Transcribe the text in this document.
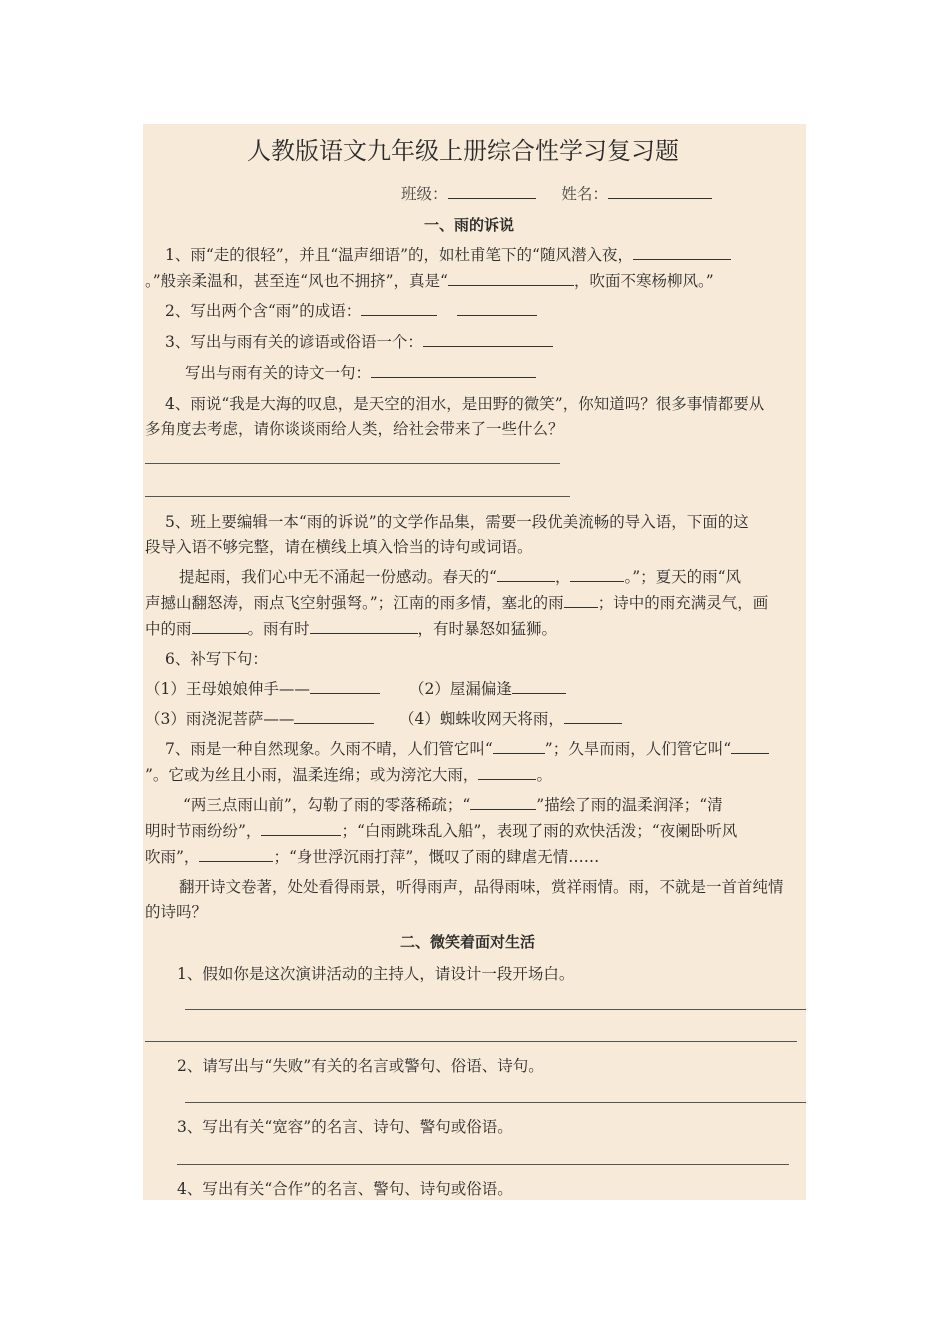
人教版语文九年级上册综合性学习复习题
班级：	姓名：
一、雨的诉说
1、雨“走的很轻”，并且“温声细语”的，如杜甫笔下的“随风潜入夜，
。”般亲柔温和，甚至连“风也不拥挤”，真是“	，吹面不寒杨柳风。”
2、写出两个含“雨”的成语：
3、写出与雨有关的谚语或俗语一个：
写出与雨有关的诗文一句：
4、雨说“我是大海的叹息，是天空的泪水，是田野的微笑”，你知道吗？很多事情都要从
多角度去考虑，请你谈谈雨给人类，给社会带来了一些什么？
5、班上要编辑一本“雨的诉说”的文学作品集，需要一段优美流畅的导入语，下面的这
段导入语不够完整，请在横线上填入恰当的诗句或词语。
提起雨，我们心中无不涌起一份感动。春天的“	，	。”；夏天的雨“风
声撼山翻怒涛，雨点飞空射强弩。”；江南的雨多情，塞北的雨 ；诗中的雨充满灵气，画
中的雨	。雨有时	，有时暴怒如猛狮。
6、补写下句：
（1）王母娘娘伸手——	（2）屋漏偏逢
（3）雨浇泥菩萨——	（4）蜘蛛收网天将雨，
7、雨是一种自然现象。久雨不晴，人们管它叫“	”；久旱而雨，人们管它叫“
”。它或为丝且小雨，温柔连绵；或为滂沱大雨，	。
“两三点雨山前”，勾勒了雨的零落稀疏；“	”描绘了雨的温柔润泽；“清
明时节雨纷纷”，	；“白雨跳珠乱入船”，表现了雨的欢快活泼；“夜阑卧听风
吹雨”，	；“身世浮沉雨打萍”，慨叹了雨的肆虐无情……
翻开诗文卷著，处处看得雨景，听得雨声，品得雨味，赏祥雨情。雨，不就是一首首纯情
的诗吗？
二、微笑着面对生活
1、假如你是这次演讲活动的主持人，请设计一段开场白。
2、请写出与“失败”有关的名言或警句、俗语、诗句。
3、写出有关“宽容”的名言、诗句、警句或俗语。
4、写出有关“合作”的名言、警句、诗句或俗语。
